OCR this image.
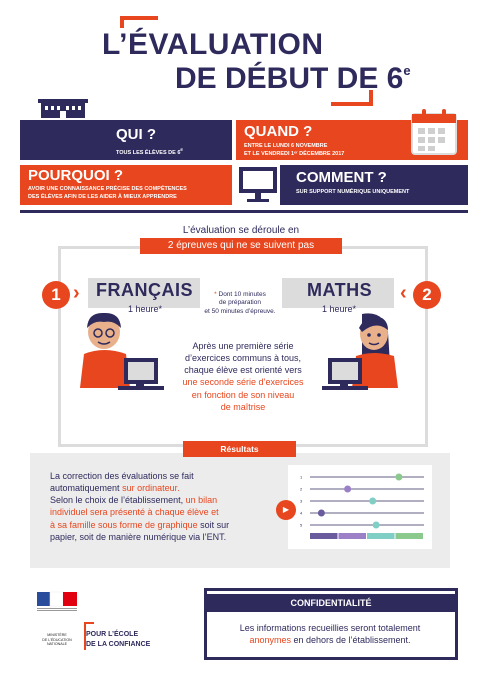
L’ÉVALUATION
DE DÉBUT DE 6e
QUI ?
TOUS LES ÉLÈVES DE $6^E$
QUAND ?
ENTRE LE LUNDI 6 NOVEMBRE
ET LE VENDREDI 1ᵉʳ DÉCEMBRE 2017
POURQUOI ?
AVOIR UNE CONNAISSANCE PRÉCISE DES COMPÉTENCES
DES ÉLÈVES AFIN DE LES AIDER À MIEUX APPRENDRE
COMMENT ?
SUR SUPPORT NUMÉRIQUE UNIQUEMENT
L’évaluation se déroule en
2 épreuves qui ne se suivent pas
1 › FRANÇAIS
1 heure*
* Dont 10 minutes
de préparation
et 50 minutes d’épreuve.
MATHS
1 heure*
‹ 2
Après une première série
d’exercices communs à tous,
chaque élève est orienté vers
une seconde série d’exercices
en fonction de son niveau
de maîtrise
Résultats
La correction des évaluations se fait
automatiquement sur ordinateur.
Selon le choix de l’établissement, un bilan
individuel sera présenté à chaque élève et
à sa famille sous forme de graphique soit sur
papier, soit de manière numérique via l’ENT.
1
2
3
4
5
▶
MINISTÈRE
DE L’ÉDUCATION
NATIONALE
POUR L’ÉCOLE
DE LA CONFIANCE
CONFIDENTIALITÉ
Les informations recueillies seront totalement
anonymes en dehors de l’établissement.
